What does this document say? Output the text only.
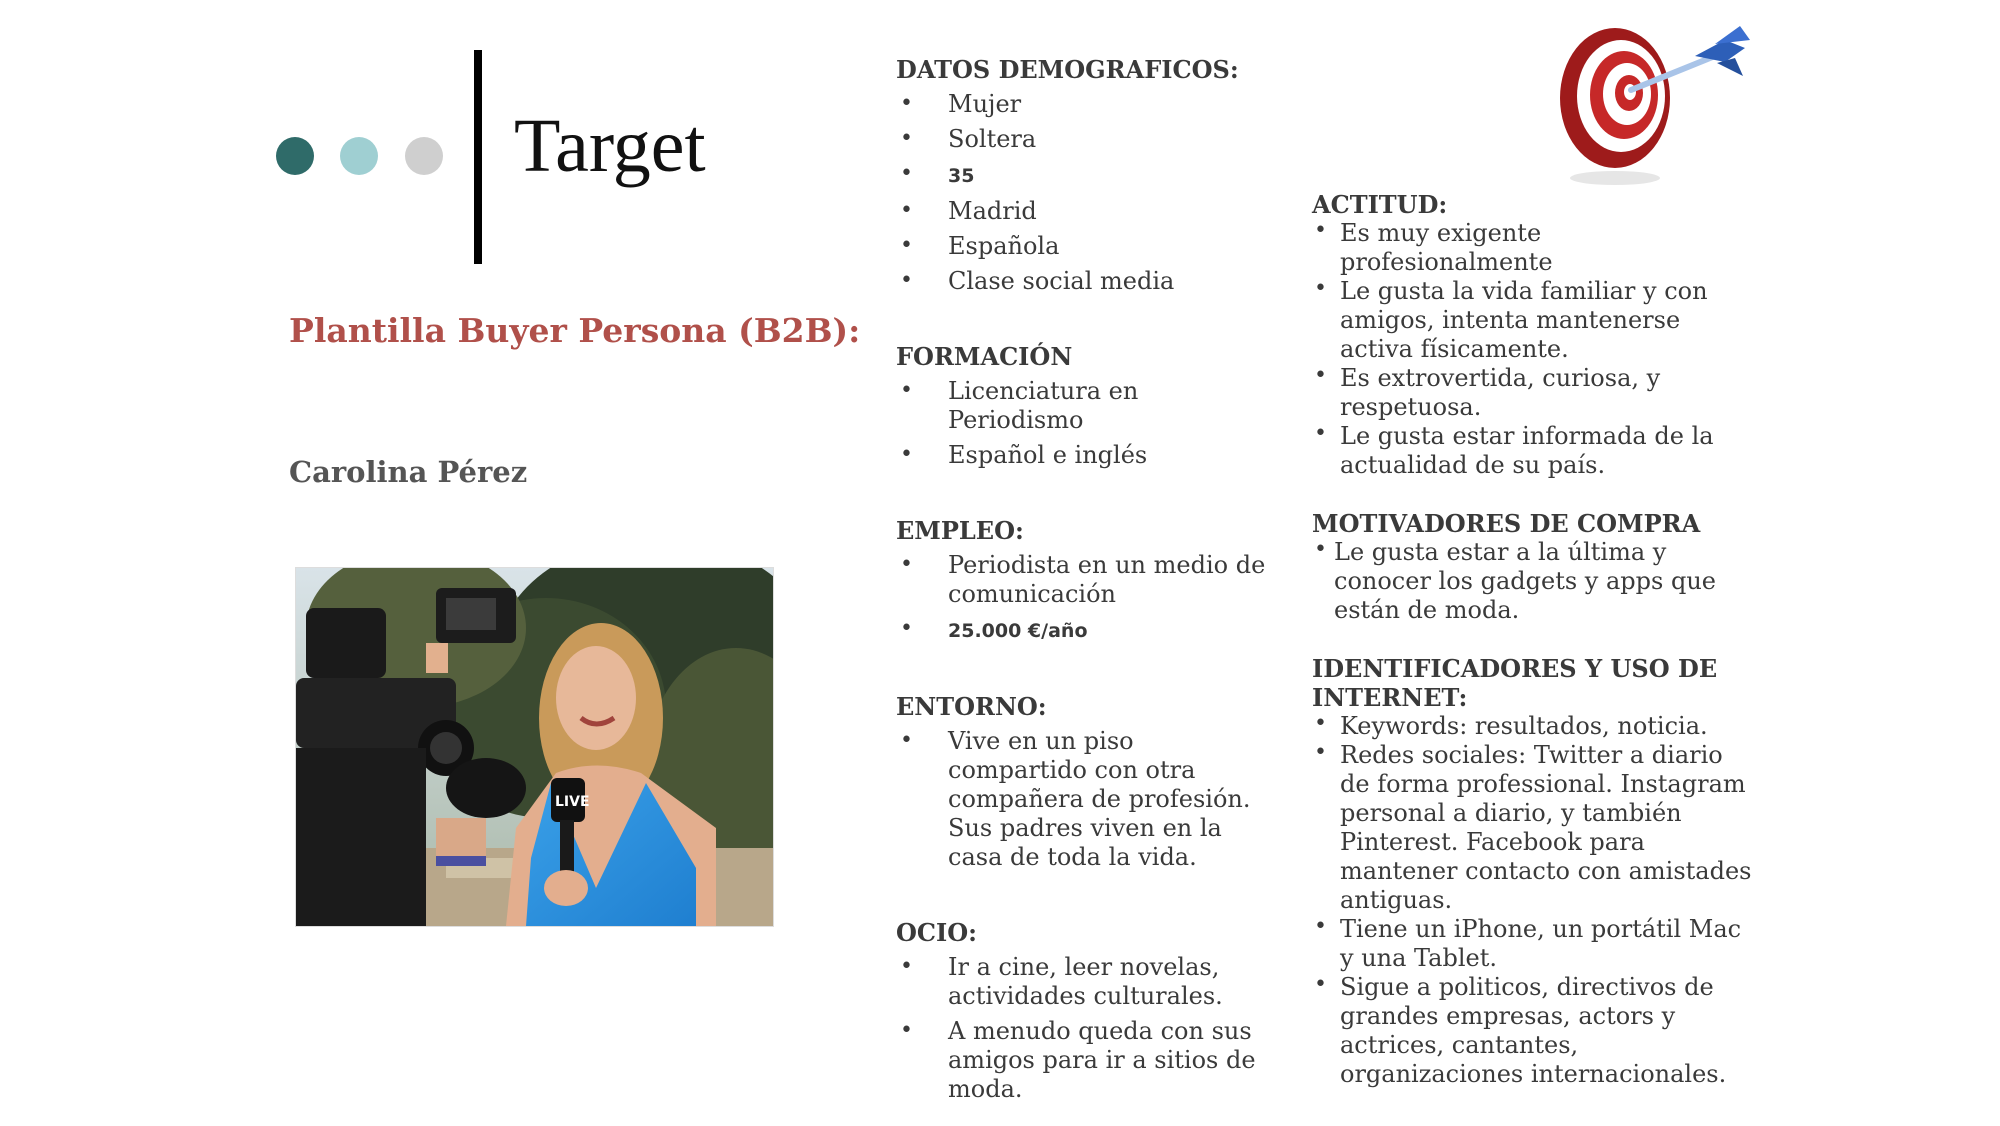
Target
Plantilla Buyer Persona (B2B):
Carolina Pérez
LIVE
DATOS DEMOGRAFICOS:
• Mujer
• Soltera
• 35
• Madrid
• Española
• Clase social media
FORMACIÓN
• Licenciatura en Periodismo
• Español e inglés
EMPLEO:
• Periodista en un medio de comunicación
• 25.000 €/año
ENTORNO:
• Vive en un piso compartido con otra compañera de profesión. Sus padres viven en la casa de toda la vida.
OCIO:
• Ir a cine, leer novelas, actividades culturales.
• A menudo queda con sus amigos para ir a sitios de moda.
ACTITUD:
• Es muy exigente profesionalmente
• Le gusta la vida familiar y con amigos, intenta mantenerse activa físicamente.
• Es extrovertida, curiosa, y respetuosa.
• Le gusta estar informada de la actualidad de su país.
MOTIVADORES DE COMPRA
• Le gusta estar a la última y conocer los gadgets y apps que están de moda.
IDENTIFICADORES Y USO DE INTERNET:
• Keywords: resultados, noticia.
• Redes sociales: Twitter a diario de forma professional. Instagram personal a diario, y también Pinterest. Facebook para mantener contacto con amistades antiguas.
• Tiene un iPhone, un portátil Mac y una Tablet.
• Sigue a politicos, directivos de grandes empresas, actors y actrices, cantantes, organizaciones internacionales.
